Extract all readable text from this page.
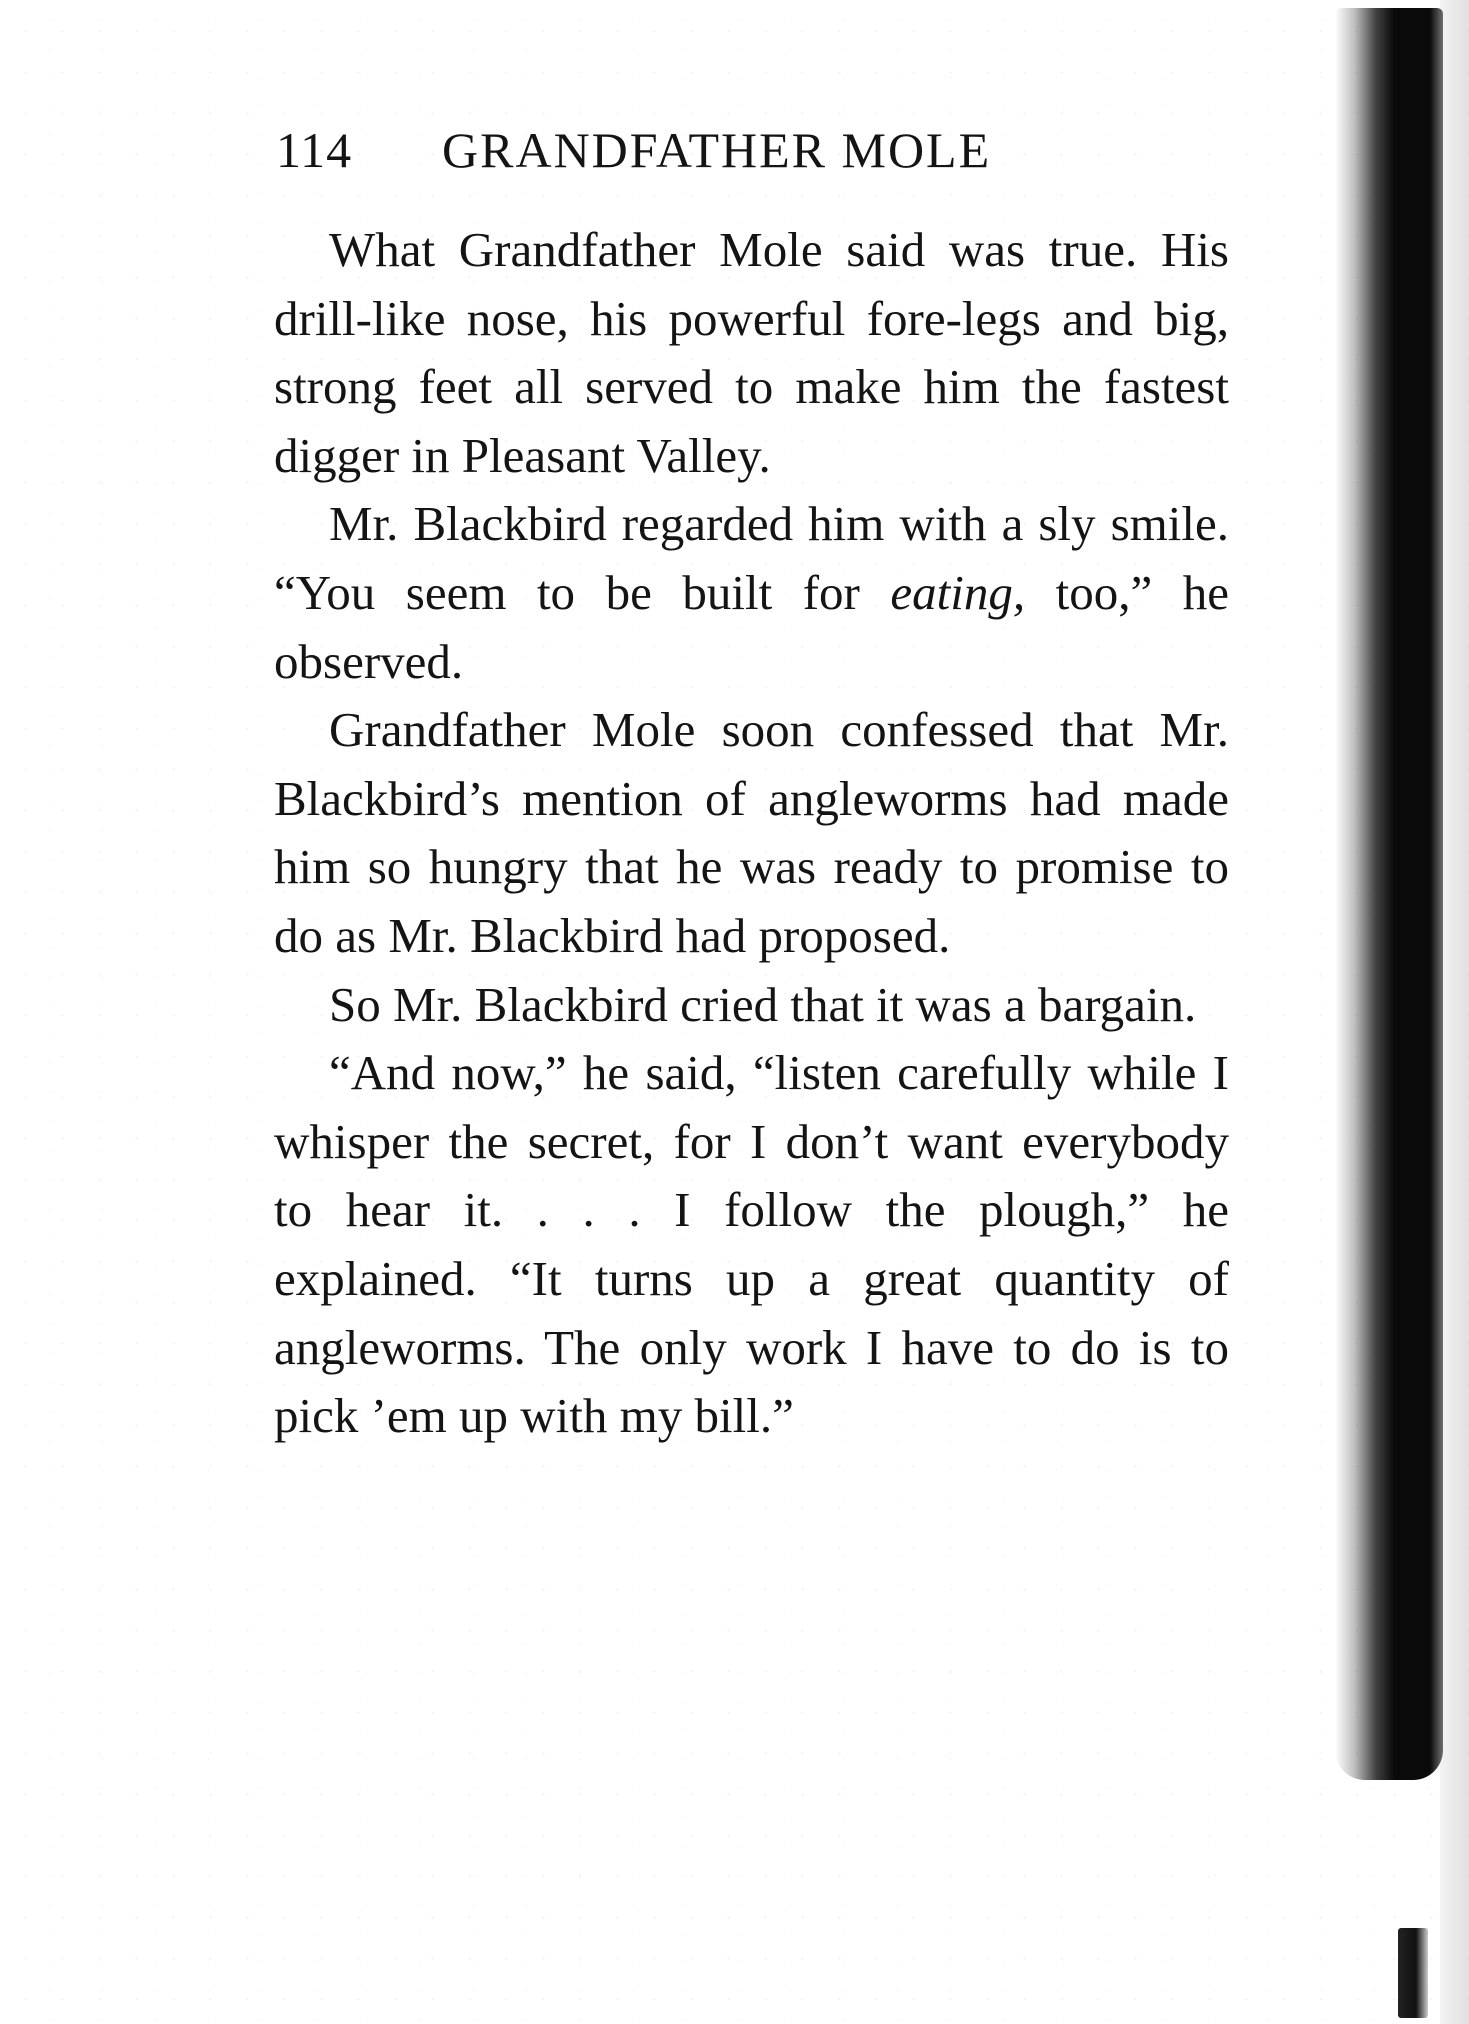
114 GRANDFATHER MOLE

What Grandfather Mole said was true. His drill-like nose, his powerful fore-legs and big, strong feet all served to make him the fastest digger in Pleasant Valley.

Mr. Blackbird regarded him with a sly smile. “You seem to be built for eating, too,” he observed.

Grandfather Mole soon confessed that Mr. Blackbird’s mention of angleworms had made him so hungry that he was ready to promise to do as Mr. Blackbird had proposed.

So Mr. Blackbird cried that it was a bargain.

“And now,” he said, “listen carefully while I whisper the secret, for I don’t want everybody to hear it. . . . I follow the plough,” he explained. “It turns up a great quantity of angleworms. The only work I have to do is to pick ’em up with my bill.”
